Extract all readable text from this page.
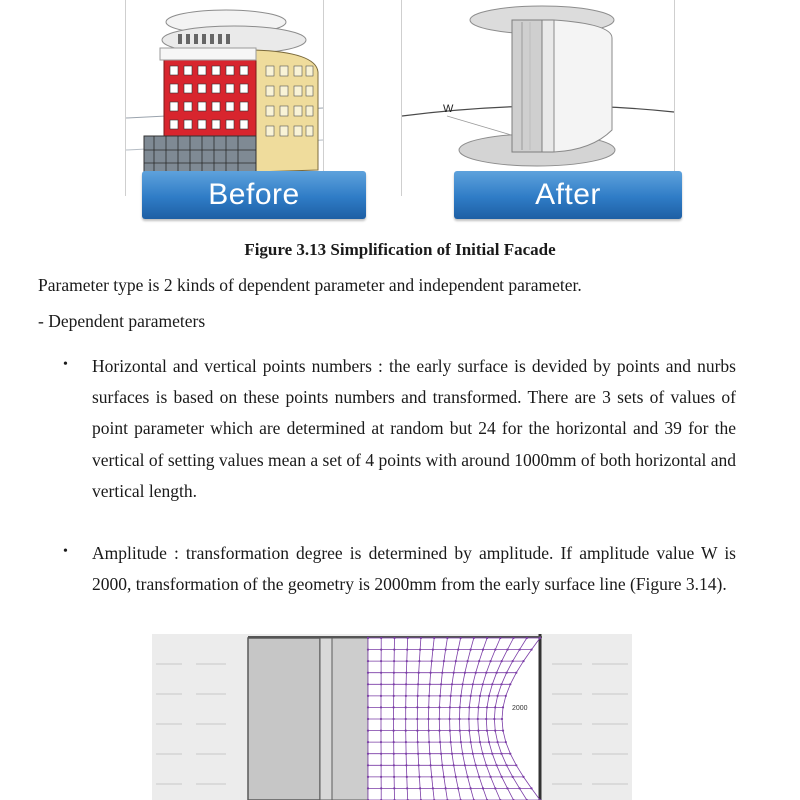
W
Before	After
Figure 3.13 Simplification of Initial Facade
Parameter type is 2 kinds of dependent parameter and independent parameter.
- Dependent parameters
• Horizontal and vertical points numbers : the early surface is devided by points and nurbs surfaces is based on these points numbers and transformed. There are 3 sets of values of point parameter which are determined at random but 24 for the horizontal and 39 for the vertical of setting values mean a set of 4 points with around 1000mm of both horizontal and vertical length.
• Amplitude : transformation degree is determined by amplitude. If amplitude value W is 2000, transformation of the geometry is 2000mm from the early surface line (Figure 3.14).
2000
